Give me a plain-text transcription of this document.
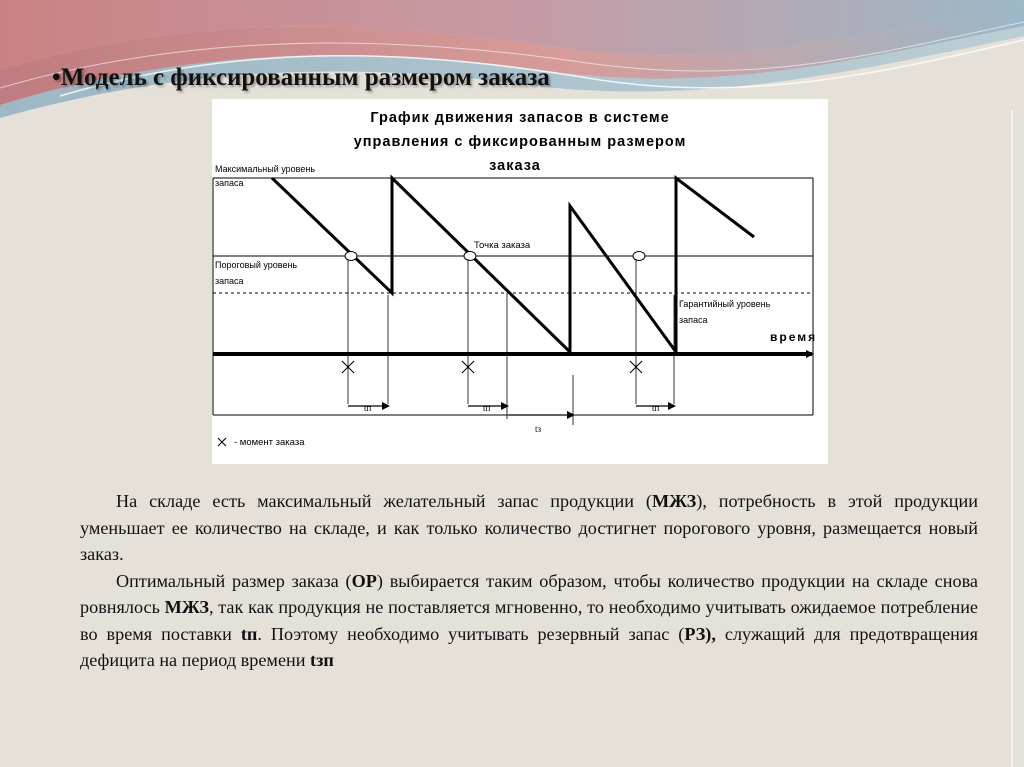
•Модель с фиксированным размером заказа
График движения запасов в системе
управления с фиксированным размером
заказа
время
tп	tп	tп
tз
Максимальный уровень
запаса
Пороговый уровень
запаса
Точка заказа
Гарантийный уровень
запаса
- момент заказа

На складе есть максимальный желательный запас продукции (МЖЗ), потребность в этой продукции уменьшает ее количество на складе, и как только количество достигнет порогового уровня, размещается новый заказ.

Оптимальный размер заказа (ОР) выбирается таким образом, чтобы количество продукции на складе снова ровнялось МЖЗ, так как продукция не поставляется мгновенно, то необходимо учитывать ожидаемое потребление во время поставки tп. Поэтому необходимо учитывать резервный запас (РЗ), служащий для предотвращения дефицита на период времени tзп
